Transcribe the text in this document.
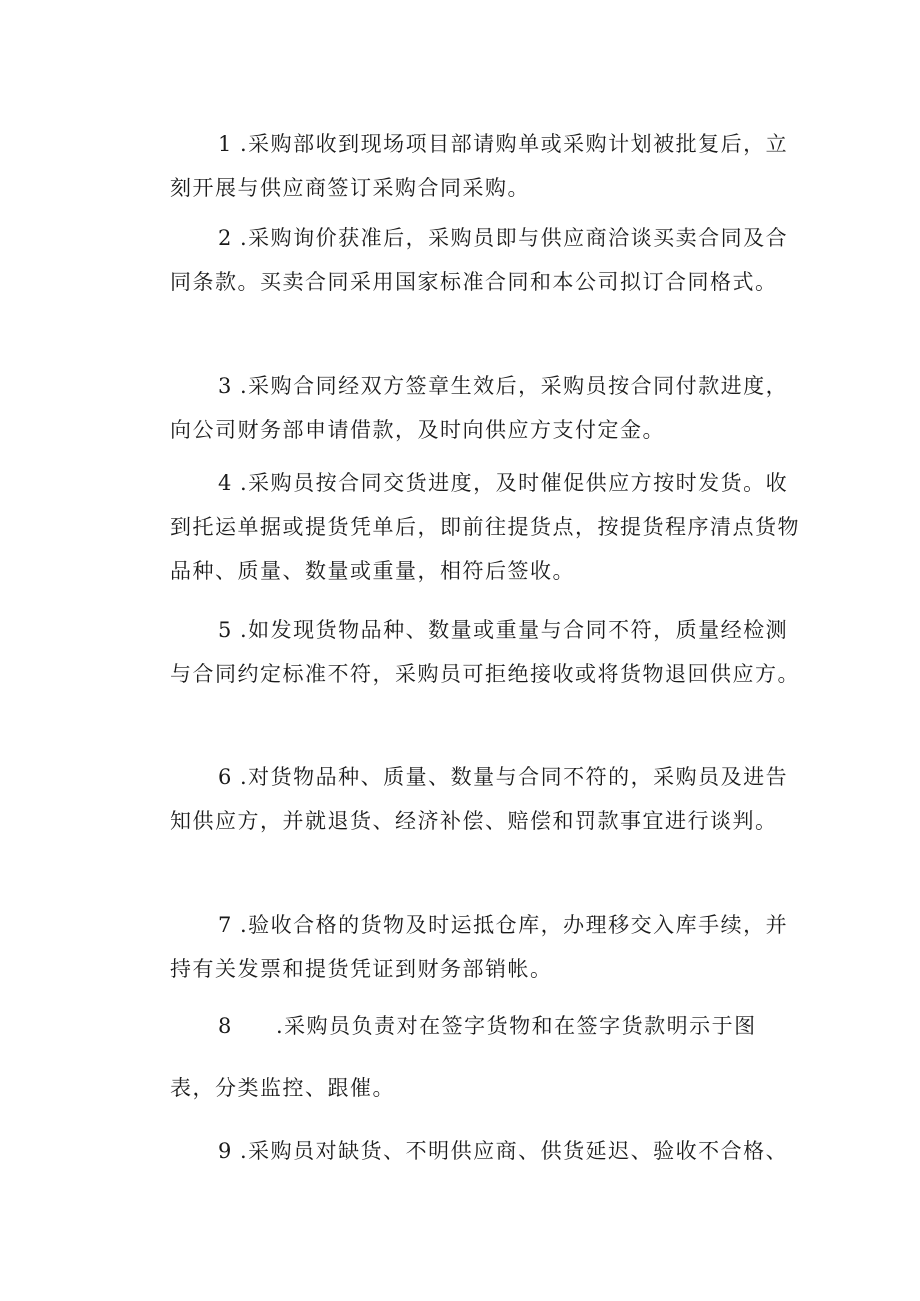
1 .采购部收到现场项目部请购单或采购计划被批复后，立刻开展与供应商签订采购合同采购。

2 .采购询价获准后，采购员即与供应商洽谈买卖合同及合同条款。买卖合同采用国家标准合同和本公司拟订合同格式。

3 .采购合同经双方签章生效后，采购员按合同付款进度，向公司财务部申请借款，及时向供应方支付定金。

4 .采购员按合同交货进度，及时催促供应方按时发货。收到托运单据或提货凭单后，即前往提货点，按提货程序清点货物品种、质量、数量或重量，相符后签收。

5 .如发现货物品种、数量或重量与合同不符，质量经检测与合同约定标准不符，采购员可拒绝接收或将货物退回供应方。

6 .对货物品种、质量、数量与合同不符的，采购员及进告知供应方，并就退货、经济补偿、赔偿和罚款事宜进行谈判。

7 .验收合格的货物及时运抵仓库，办理移交入库手续，并持有关发票和提货凭证到财务部销帐。

8 .采购员负责对在签字货物和在签字货款明示于图表，分类监控、跟催。

9 .采购员对缺货、不明供应商、供货延迟、验收不合格、
